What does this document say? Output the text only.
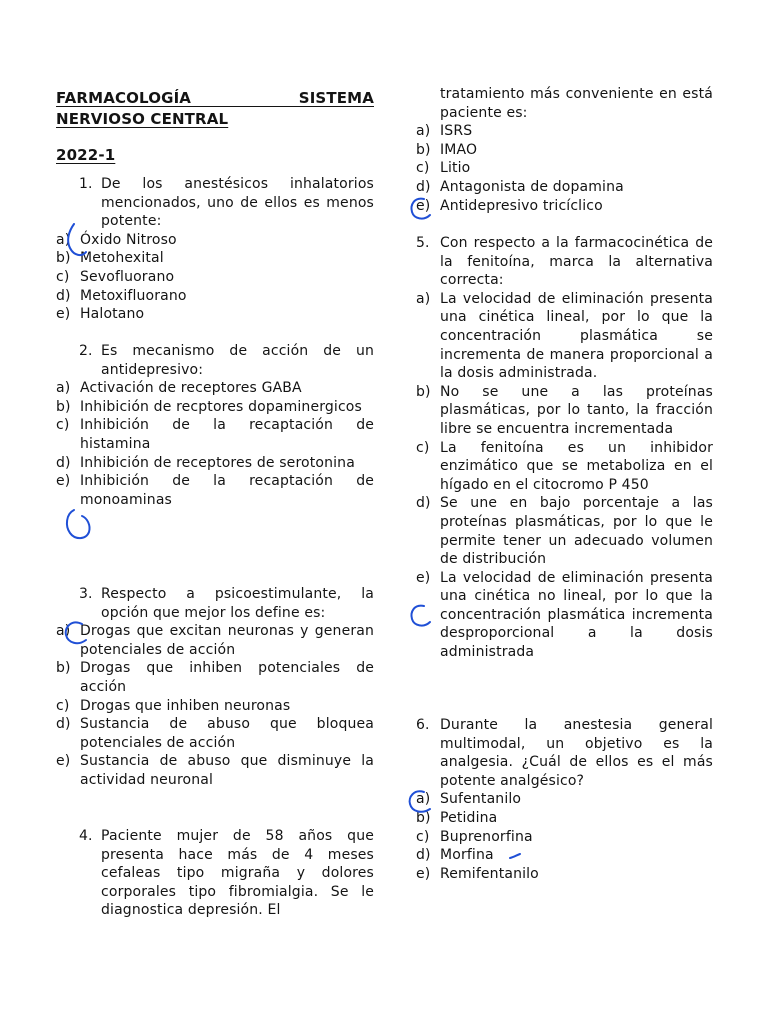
FARMACOLOGÍA SISTEMA
NERVIOSO CENTRAL
2022-1
1. De los anestésicos inhalatorios mencionados, uno de ellos es menos potente:
a) Óxido Nitroso
b) Metohexital
c) Sevofluorano
d) Metoxifluorano
e) Halotano
2. Es mecanismo de acción de un antidepresivo:
a) Activación de receptores GABA
b) Inhibición de recptores dopaminergicos
c) Inhibición de la recaptación de histamina
d) Inhibición de receptores de serotonina
e) Inhibición de la recaptación de monoaminas
3. Respecto a psicoestimulante, la opción que mejor los define es:
a) Drogas que excitan neuronas y generan potenciales de acción
b) Drogas que inhiben potenciales de acción
c) Drogas que inhiben neuronas
d) Sustancia de abuso que bloquea potenciales de acción
e) Sustancia de abuso que disminuye la actividad neuronal
4. Paciente mujer de 58 años que presenta hace más de 4 meses cefaleas tipo migraña y dolores corporales tipo fibromialgia. Se le diagnostica depresión. El
tratamiento más conveniente en está paciente es:
a) ISRS
b) IMAO
c) Litio
d) Antagonista de dopamina
e) Antidepresivo tricíclico
5. Con respecto a la farmacocinética de la fenitoína, marca la alternativa correcta:
a) La velocidad de eliminación presenta una cinética lineal, por lo que la concentración plasmática se incrementa de manera proporcional a la dosis administrada.
b) No se une a las proteínas plasmáticas, por lo tanto, la fracción libre se encuentra incrementada
c) La fenitoína es un inhibidor enzimático que se metaboliza en el hígado en el citocromo P 450
d) Se une en bajo porcentaje a las proteínas plasmáticas, por lo que le permite tener un adecuado volumen de distribución
e) La velocidad de eliminación presenta una cinética no lineal, por lo que la concentración plasmática incrementa desproporcional a la dosis administrada
6. Durante la anestesia general multimodal, un objetivo es la analgesia. ¿Cuál de ellos es el más potente analgésico?
a) Sufentanilo
b) Petidina
c) Buprenorfina
d) Morfina
e) Remifentanilo
